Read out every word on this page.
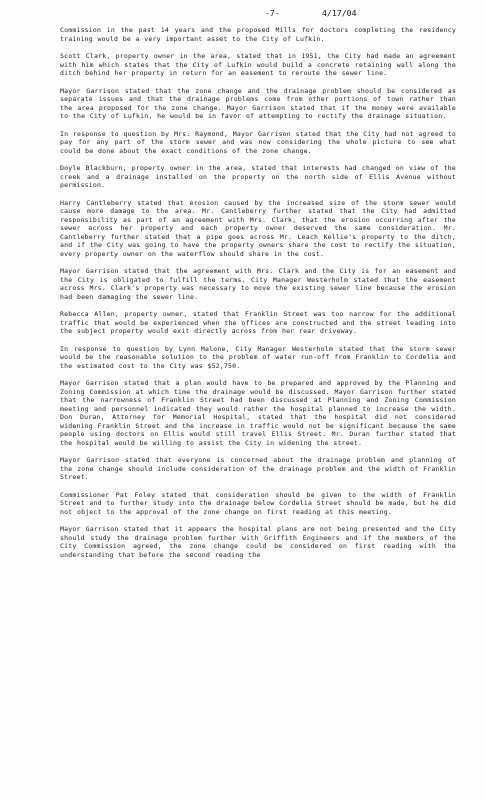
-7-	4/17/04

Commission in the past 14 years and the proposed Mills for doctors completing the residency training would be a very important asset to the City of Lufkin.

Scott Clark, property owner in the area, stated that in 1951, the City had made an agreement with him which states that the City of Lufkin would build a concrete retaining wall along the ditch behind her property in return for an easement to reroute the sewer line.

Mayor Garrison stated that the zone change and the drainage problem should be considered as separate issues and that the drainage problems come from other portions of town rather than the area proposed for the zone change. Mayor Garrison stated that if the money were available to the City of Lufkin, he would be in favor of attempting to rectify the drainage situation.

In response to question by Mrs. Raymond, Mayor Garrison stated that the City had not agreed to pay for any part of the storm sewer and was now considering the whole picture to see what could be done about the exact conditions of the zone change.

Doyle Blackburn, property owner in the area, stated that interests had changed on view of the creek and a drainage installed on the property on the north side of Ellis Avenue without permission.

Harry Cantleberry stated that erosion caused by the increased size of the storm sewer would cause more damage to the area. Mr. Cantleberry further stated that the City had admitted responsibility as part of an agreement with Mrs. Clark, that the erosion occurring after the sewer across her property and each property owner deserved the same consideration. Mr. Cantleberry further stated that a pipe goes across Mr. Leach Kellie's property to the ditch, and if the City was going to have the property owners share the cost to rectify the situation, every property owner on the waterflow should share in the cost.

Mayor Garrison stated that the agreement with Mrs. Clark and the City is for an easement and the City is obligated to fulfill the terms. City Manager Westerholm stated that the easement across Mrs. Clark's property was necessary to move the existing sewer line because the erosion had been damaging the sewer line.

Rebecca Allen, property owner, stated that Franklin Street was too narrow for the additional traffic that would be experienced when the offices are constructed and the street leading into the subject property would exit directly across from her rear driveway.

In response to question by Lynn Malone, City Manager Westerholm stated that the storm sewer would be the reasonable solution to the problem of water run-off from Franklin to Cordelia and the estimated cost to the City was $52,750.

Mayor Garrison stated that a plan would have to be prepared and approved by the Planning and Zoning Commission at which time the drainage would be discussed. Mayor Garrison further stated that the narrowness of Franklin Street had been discussed at Planning and Zoning Commission meeting and personnel indicated they would rather the hospital planned to increase the width. Don Duran, Attorney for Memorial Hospital, stated that the hospital did not considered widening Franklin Street and the increase in traffic would not be significant because the same people using doctors on Ellis would still travel Ellis Street. Mr. Duran further stated that the hospital would be willing to assist the City in widening the street.

Mayor Garrison stated that everyone is concerned about the drainage problem and planning of the zone change should include consideration of the drainage problem and the width of Franklin Street.

Commissioner Pat Foley stated that consideration should be given to the width of Franklin Street and to further study into the drainage below Cordelia Street should be made, but he did not object to the approval of the zone change on first reading at this meeting.

Mayor Garrison stated that it appears the hospital plans are not being presented and the City should study the drainage problem further with Griffith Engineers and if the members of the City Commission agreed, the zone change could be considered on first reading with the understanding that before the second reading the
